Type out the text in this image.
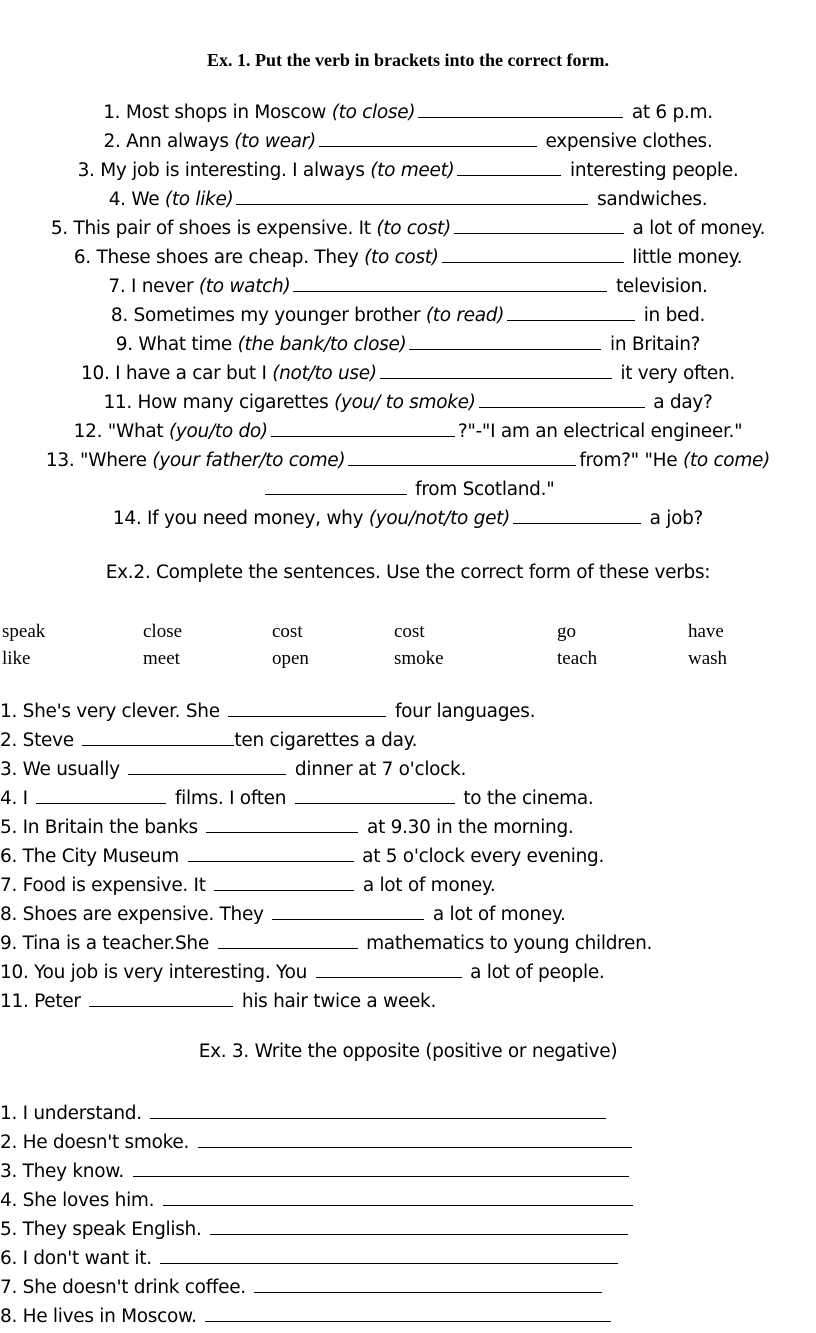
Ex. 1. Put the verb in brackets into the correct form.
1. Most shops in Moscow (to close)	at 6 p.m.
2. Ann always (to wear)	expensive clothes.
3. My job is interesting. I always (to meet)	interesting people.
4. We (to like)	sandwiches.
5. This pair of shoes is expensive. It (to cost)	a lot of money.
6. These shoes are cheap. They (to cost)	little money.
7. I never (to watch)	television.
8. Sometimes my younger brother (to read)	in bed.
9. What time (the bank/to close)	in Britain?
10. I have a car but I (not/to use)	it very often.
11. How many cigarettes (you/ to smoke)	a day?
12. "What (you/to do)	?"-"I am an electrical engineer."
13. "Where (your father/to come)	from?" "He (to come)
from Scotland."
14. If you need money, why (you/not/to get)	a job?
Ex.2. Complete the sentences. Use the correct form of these verbs:
speak	close	cost	cost	go	have
like	meet	open	smoke	teach	wash
1. She's very clever. She	four languages.
2. Steve	ten cigarettes a day.
3. We usually	dinner at 7 o'clock.
4. I	films. I often	to the cinema.
5. In Britain the banks	at 9.30 in the morning.
6. The City Museum	at 5 o'clock every evening.
7. Food is expensive. It	a lot of money.
8. Shoes are expensive. They	a lot of money.
9. Tina is a teacher.She	mathematics to young children.
10. You job is very interesting. You	a lot of people.
11. Peter	his hair twice a week.
Ex. 3. Write the opposite (positive or negative)
1. I understand.
2. He doesn't smoke.
3. They know.
4. She loves him.
5. They speak English.
6. I don't want it.
7. She doesn't drink coffee.
8. He lives in Moscow.
